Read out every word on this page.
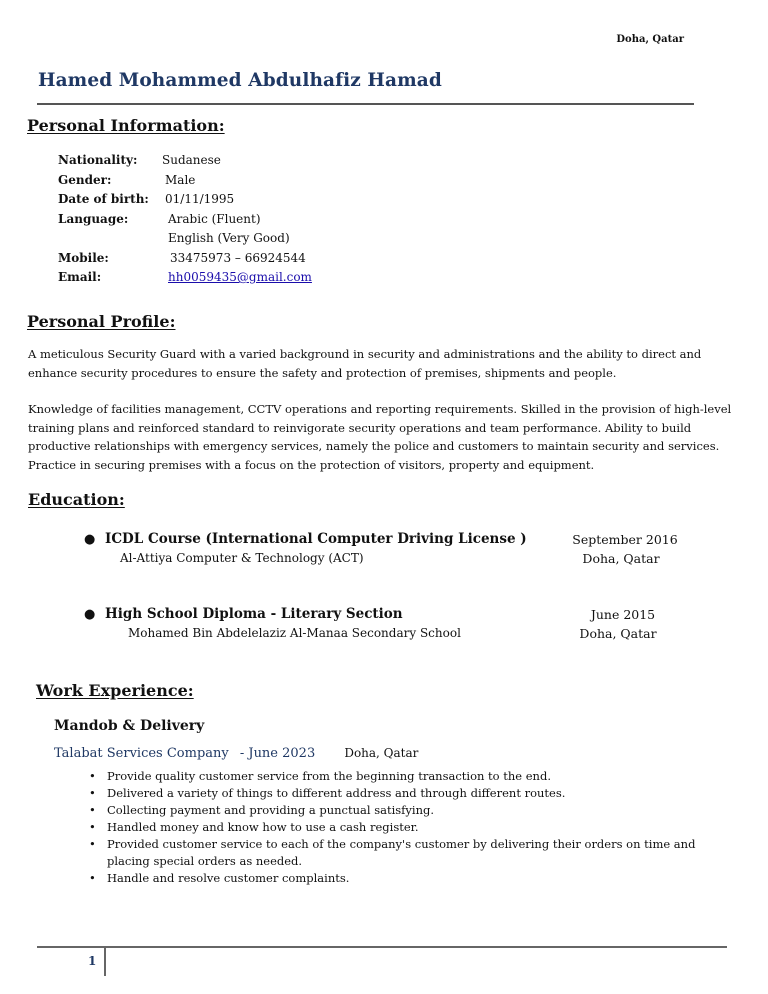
Doha, Qatar
Hamed Mohammed Abdulhafiz Hamad
Personal Information:
Nationality: Sudanese
Gender:	Male
Date of birth: 01/11/1995
Language:	Arabic (Fluent)
English (Very Good)
Mobile:	33475973 – 66924544
Email:	hh0059435@gmail.com
Personal Profile:
A meticulous Security Guard with a varied background in security and administrations and the ability to direct and enhance security procedures to ensure the safety and protection of premises, shipments and people.
Knowledge of facilities management, CCTV operations and reporting requirements. Skilled in the provision of high-level training plans and reinforced standard to reinvigorate security operations and team performance. Ability to build productive relationships with emergency services, namely the police and customers to maintain security and services. Practice in securing premises with a focus on the protection of visitors, property and equipment.
Education:
● ICDL Course (International Computer Driving License )
Al-Attiya Computer & Technology (ACT)
September 2016
Doha, Qatar
● High School Diploma - Literary Section
Mohamed Bin Abdelelaziz Al-Manaa Secondary School
June 2015
Doha, Qatar
Work Experience:
Mandob & Delivery
Talabat Services Company - June 2023 Doha, Qatar
• Provide quality customer service from the beginning transaction to the end.
• Delivered a variety of things to different address and through different routes.
• Collecting payment and providing a punctual satisfying.
• Handled money and know how to use a cash register.
• Provided customer service to each of the company's customer by delivering their orders on time and placing special orders as needed.
• Handle and resolve customer complaints.
1
